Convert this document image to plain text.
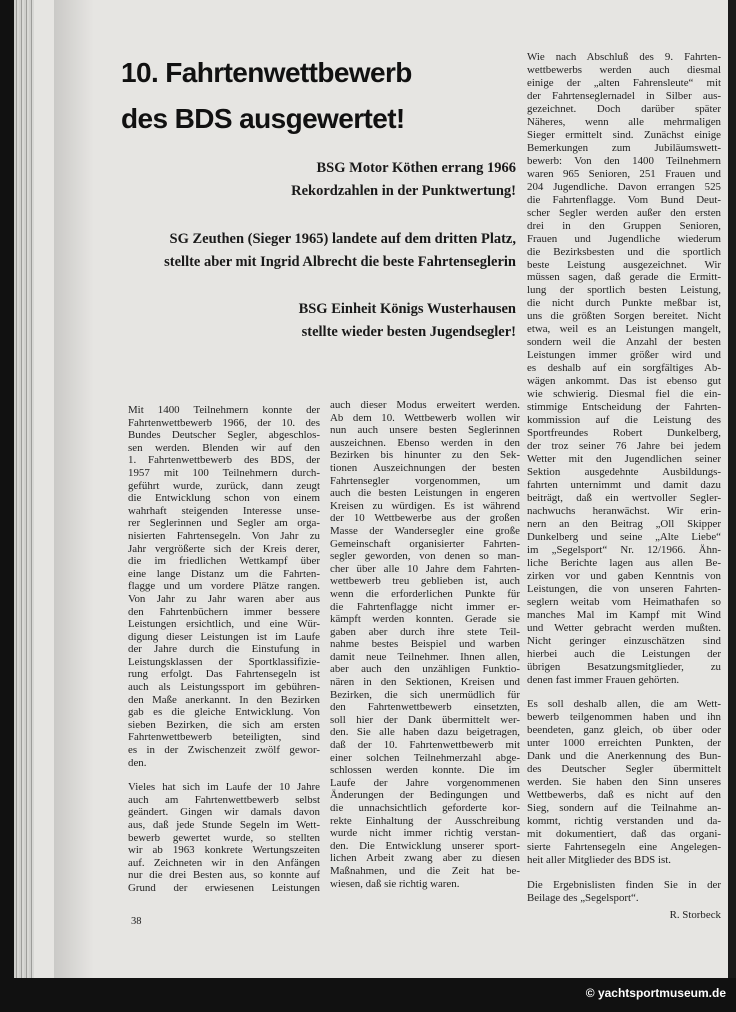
10. Fahrtenwettbewerb
des BDS ausgewertet!
BSG Motor Köthen errang 1966
Rekordzahlen in der Punktwertung!
SG Zeuthen (Sieger 1965) landete auf dem dritten Platz,
stellte aber mit Ingrid Albrecht die beste Fahrtenseglerin
BSG Einheit Königs Wusterhausen
stellte wieder besten Jugendsegler!
Mit 1400 Teilnehmern konnte der
Fahrtenwettbewerb 1966, der 10. des
Bundes Deutscher Segler, abgeschlos-
sen werden. Blenden wir auf den
1. Fahrtenwettbewerb des BDS, der
1957 mit 100 Teilnehmern durch-
geführt wurde, zurück, dann zeugt
die Entwicklung schon von einem
wahrhaft steigenden Interesse unse-
rer Seglerinnen und Segler am orga-
nisierten Fahrtensegeln. Von Jahr zu
Jahr vergrößerte sich der Kreis derer,
die im friedlichen Wettkampf über
eine lange Distanz um die Fahrten-
flagge und um vordere Plätze rangen.
Von Jahr zu Jahr waren aber aus
den Fahrtenbüchern immer bessere
Leistungen ersichtlich, und eine Wür-
digung dieser Leistungen ist im Laufe
der Jahre durch die Einstufung in
Leistungsklassen der Sportklassifizie-
rung erfolgt. Das Fahrtensegeln ist
auch als Leistungssport im gebühren-
den Maße anerkannt. In den Bezirken
gab es die gleiche Entwicklung. Von
sieben Bezirken, die sich am ersten
Fahrtenwettbewerb beteiligten, sind
es in der Zwischenzeit zwölf gewor-
den.
Vieles hat sich im Laufe der 10 Jahre
auch am Fahrtenwettbewerb selbst
geändert. Gingen wir damals davon
aus, daß jede Stunde Segeln im Wett-
bewerb gewertet wurde, so stellten
wir ab 1963 konkrete Wertungszeiten
auf. Zeichneten wir in den Anfängen
nur die drei Besten aus, so konnte auf
Grund der erwiesenen Leistungen
auch dieser Modus erweitert werden.
Ab dem 10. Wettbewerb wollen wir
nun auch unsere besten Seglerinnen
auszeichnen. Ebenso werden in den
Bezirken bis hinunter zu den Sek-
tionen Auszeichnungen der besten
Fahrtensegler vorgenommen, um
auch die besten Leistungen in engeren
Kreisen zu würdigen. Es ist während
der 10 Wettbewerbe aus der großen
Masse der Wandersegler eine große
Gemeinschaft organisierter Fahrten-
segler geworden, von denen so man-
cher über alle 10 Jahre dem Fahrten-
wettbewerb treu geblieben ist, auch
wenn die erforderlichen Punkte für
die Fahrtenflagge nicht immer er-
kämpft werden konnten. Gerade sie
gaben aber durch ihre stete Teil-
nahme bestes Beispiel und warben
damit neue Teilnehmer. Ihnen allen,
aber auch den unzähligen Funktio-
nären in den Sektionen, Kreisen und
Bezirken, die sich unermüdlich für
den Fahrtenwettbewerb einsetzten,
soll hier der Dank übermittelt wer-
den. Sie alle haben dazu beigetragen,
daß der 10. Fahrtenwettbewerb mit
einer solchen Teilnehmerzahl abge-
schlossen werden konnte. Die im
Laufe der Jahre vorgenommenen
Änderungen der Bedingungen und
die unnachsichtlich geforderte kor-
rekte Einhaltung der Ausschreibung
wurde nicht immer richtig verstan-
den. Die Entwicklung unserer sport-
lichen Arbeit zwang aber zu diesen
Maßnahmen, und die Zeit hat be-
wiesen, daß sie richtig waren.
Wie nach Abschluß des 9. Fahrten-
wettbewerbs werden auch diesmal
einige der „alten Fahrensleute“ mit
der Fahrtenseglernadel in Silber aus-
gezeichnet. Doch darüber später
Näheres, wenn alle mehrmaligen
Sieger ermittelt sind. Zunächst einige
Bemerkungen zum Jubiläumswett-
bewerb: Von den 1400 Teilnehmern
waren 965 Senioren, 251 Frauen und
204 Jugendliche. Davon errangen 525
die Fahrtenflagge. Vom Bund Deut-
scher Segler werden außer den ersten
drei in den Gruppen Senioren,
Frauen und Jugendliche wiederum
die Bezirksbesten und die sportlich
beste Leistung ausgezeichnet. Wir
müssen sagen, daß gerade die Ermitt-
lung der sportlich besten Leistung,
die nicht durch Punkte meßbar ist,
uns die größten Sorgen bereitet. Nicht
etwa, weil es an Leistungen mangelt,
sondern weil die Anzahl der besten
Leistungen immer größer wird und
es deshalb auf ein sorgfältiges Ab-
wägen ankommt. Das ist ebenso gut
wie schwierig. Diesmal fiel die ein-
stimmige Entscheidung der Fahrten-
kommission auf die Leistung des
Sportfreundes Robert Dunkelberg,
der troz seiner 76 Jahre bei jedem
Wetter mit den Jugendlichen seiner
Sektion ausgedehnte Ausbildungs-
fahrten unternimmt und damit dazu
beiträgt, daß ein wertvoller Segler-
nachwuchs heranwächst. Wir erin-
nern an den Beitrag „Oll Skipper
Dunkelberg und seine „Alte Liebe“
im „Segelsport“ Nr. 12/1966. Ähn-
liche Berichte lagen aus allen Be-
zirken vor und gaben Kenntnis von
Leistungen, die von unseren Fahrten-
seglern weitab vom Heimathafen so
manches Mal im Kampf mit Wind
und Wetter gebracht werden mußten.
Nicht geringer einzuschätzen sind
hierbei auch die Leistungen der
übrigen Besatzungsmitglieder, zu
denen fast immer Frauen gehörten.
Es soll deshalb allen, die am Wett-
bewerb teilgenommen haben und ihn
beendeten, ganz gleich, ob über oder
unter 1000 erreichten Punkten, der
Dank und die Anerkennung des Bun-
des Deutscher Segler übermittelt
werden. Sie haben den Sinn unseres
Wettbewerbs, daß es nicht auf den
Sieg, sondern auf die Teilnahme an-
kommt, richtig verstanden und da-
mit dokumentiert, daß das organi-
sierte Fahrtensegeln eine Angelegen-
heit aller Mitglieder des BDS ist.
Die Ergebnislisten finden Sie in der
Beilage des „Segelsport“.
R. Storbeck
38
© yachtsportmuseum.de
